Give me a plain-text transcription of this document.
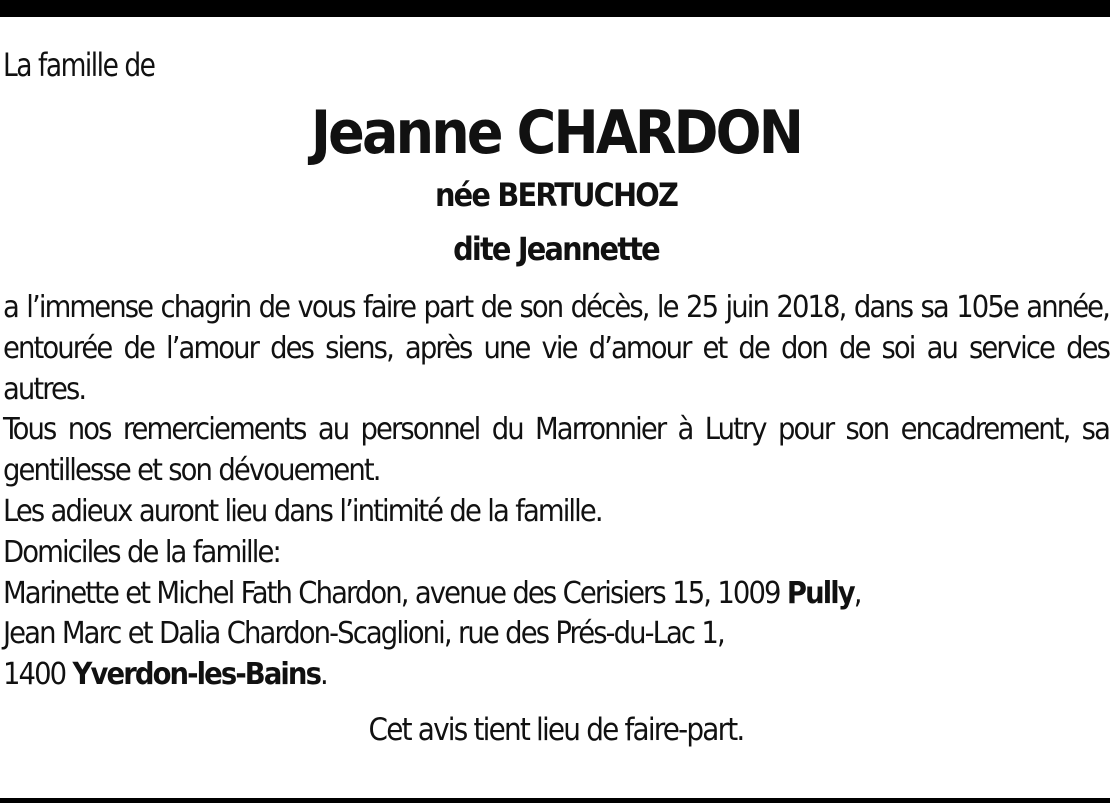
La famille de

Jeanne CHARDON

née BERTUCHOZ

dite Jeannette

a l’immense chagrin de vous faire part de son décès, le 25 juin 2018, dans sa 105e année, entourée de l’amour des siens, après une vie d’amour et de don de soi au service des autres.

Tous nos remerciements au personnel du Marronnier à Lutry pour son encadrement, sa gentillesse et son dévouement.

Les adieux auront lieu dans l’intimité de la famille.

Domiciles de la famille:

Marinette et Michel Fath Chardon, avenue des Cerisiers 15, 1009 Pully,

Jean Marc et Dalia Chardon-Scaglioni, rue des Prés-du-Lac 1,

1400 Yverdon-les-Bains.

Cet avis tient lieu de faire-part.
